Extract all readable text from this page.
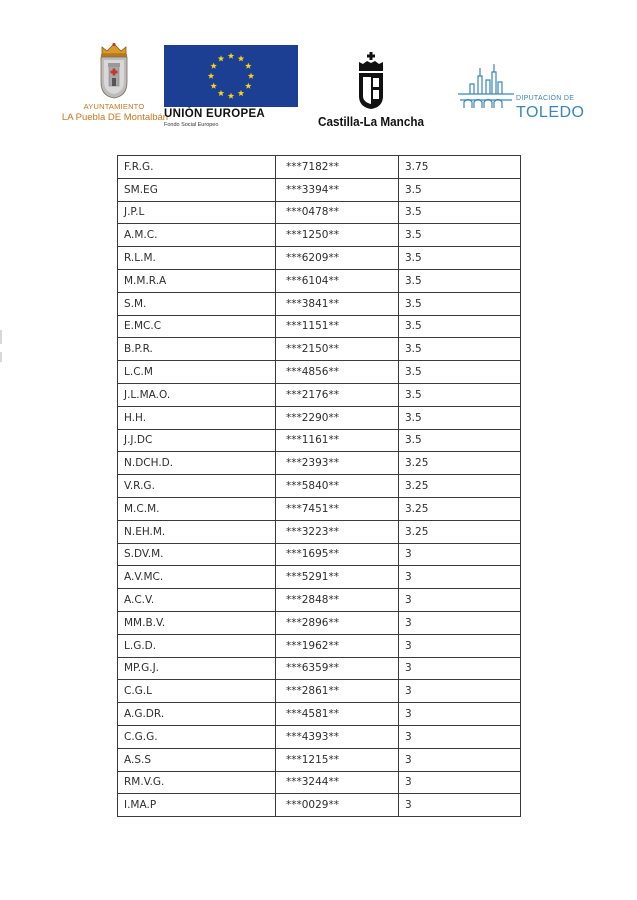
AYUNTAMIENTO
LA Puebla DE Montalbán
UNIÓN EUROPEA
Fondo Social Europeo	Castilla-La Mancha
DIPUTACIÓN DE
TOLEDO
F.R.G.	***7182**	3.75
SM.EG	***3394**	3.5
J.P.L	***0478**	3.5
A.M.C.	***1250**	3.5
R.L.M.	***6209**	3.5
M.M.R.A	***6104**	3.5
S.M.	***3841**	3.5
E.MC.C	***1151**	3.5
B.P.R.	***2150**	3.5
L.C.M	***4856**	3.5
J.L.MA.O.	***2176**	3.5
H.H.	***2290**	3.5
J.J.DC	***1161**	3.5
N.DCH.D.	***2393**	3.25
V.R.G.	***5840**	3.25
M.C.M.	***7451**	3.25
N.EH.M.	***3223**	3.25
S.DV.M.	***1695**	3
A.V.MC.	***5291**	3
A.C.V.	***2848**	3
MM.B.V.	***2896**	3
L.G.D.	***1962**	3
MP.G.J.	***6359**	3
C.G.L	***2861**	3
A.G.DR.	***4581**	3
C.G.G.	***4393**	3
A.S.S	***1215**	3
RM.V.G.	***3244**	3
I.MA.P	***0029**	3
